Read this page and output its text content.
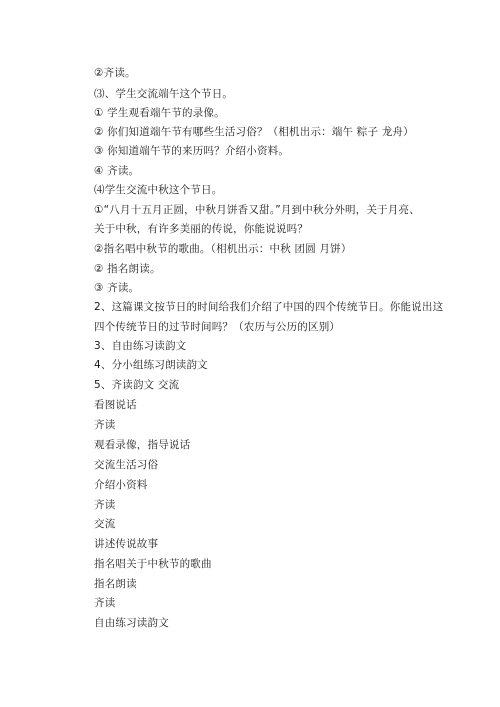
②齐读。
⑶、学生交流端午这个节日。
① 学生观看端午节的录像。
② 你们知道端午节有哪些生活习俗？（相机出示：端午 粽子 龙舟）
③ 你知道端午节的来历吗？介绍小资料。
④ 齐读。
⑷学生交流中秋这个节日。
①“八月十五月正圆，中秋月饼香又甜。”月到中秋分外明，关于月亮、
关于中秋，有许多美丽的传说，你能说说吗？
②指名唱中秋节的歌曲。（相机出示：中秋 团圆 月饼）
② 指名朗读。
③ 齐读。
2、这篇课文按节日的时间给我们介绍了中国的四个传统节日。你能说出这
四个传统节日的过节时间吗？（农历与公历的区别）
3、自由练习读韵文
4、分小组练习朗读韵文
5、齐读韵文 交流
看图说话
齐读
观看录像，指导说话
交流生活习俗
介绍小资料
齐读
交流
讲述传说故事
指名唱关于中秋节的歌曲
指名朗读
齐读
自由练习读韵文
